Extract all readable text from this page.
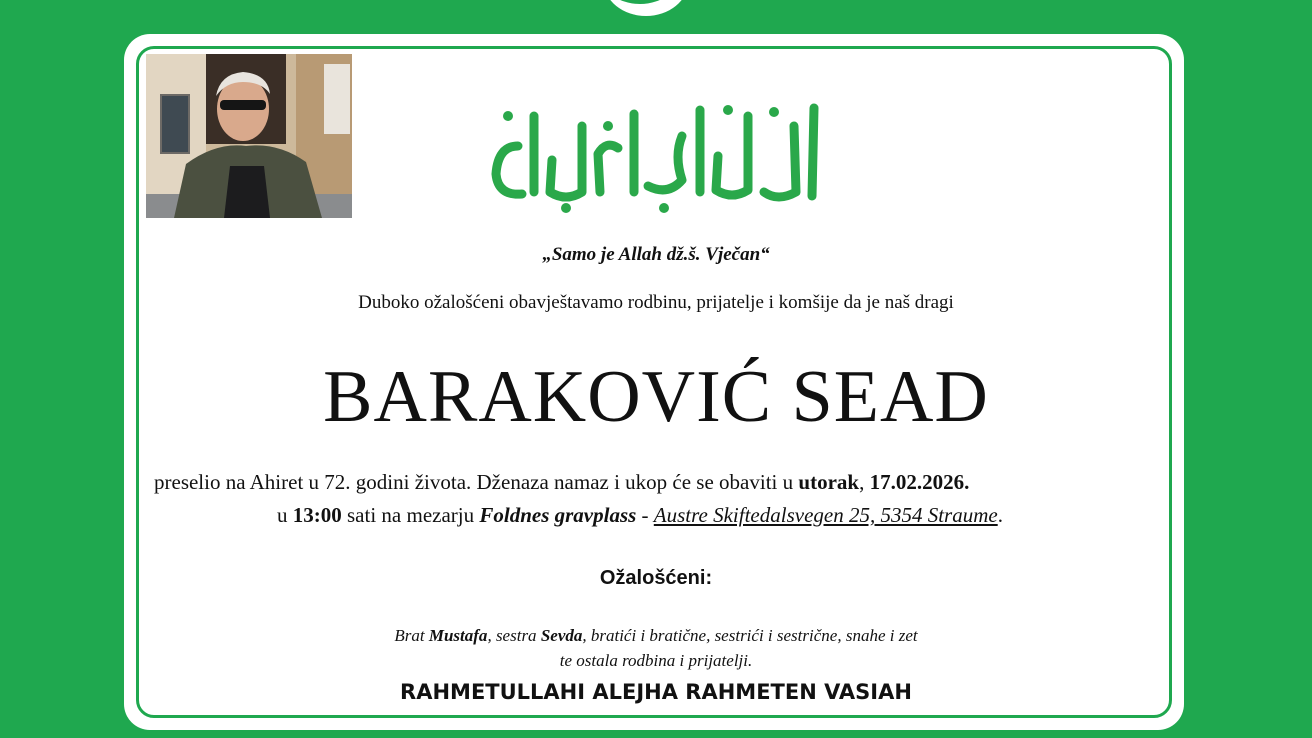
„Samo je Allah dž.š. Vječan“
Duboko ožalošćeni obavještavamo rodbinu, prijatelje i komšije da je naš dragi
BARAKOVIĆ SEAD
preselio na Ahiret u 72. godini života. Dženaza namaz i ukop će se obaviti u utorak, 17.02.2026.
u 13:00 sati na mezarju Foldnes gravplass - Austre Skiftedalsvegen 25, 5354 Straume.
Ožalošćeni:
Brat Mustafa, sestra Sevda, bratići i bratične, sestrići i sestrične, snahe i zet
te ostala rodbina i prijatelji.
RAHMETULLAHI ALEJHA RAHMETEN VASIAH
